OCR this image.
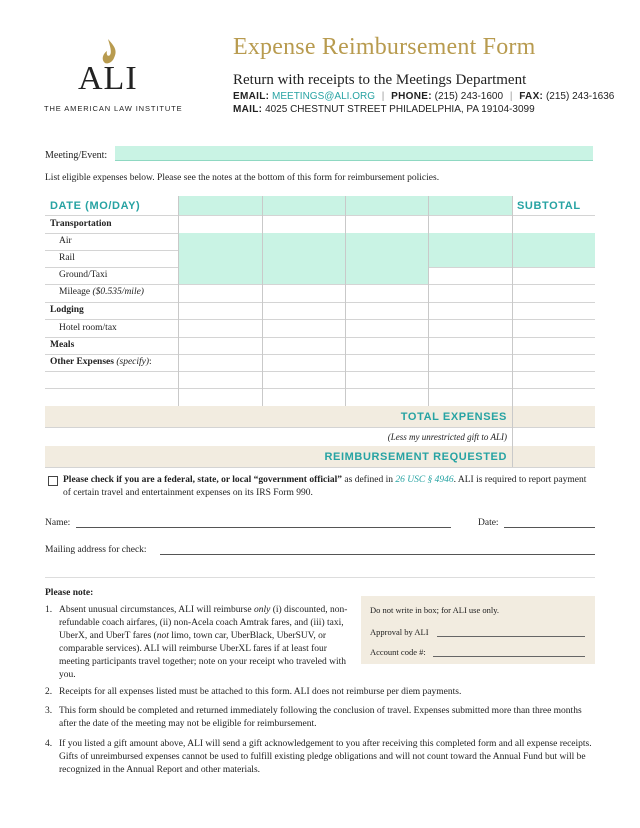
ALI
THE AMERICAN LAW INSTITUTE
Expense Reimbursement Form
Return with receipts to the Meetings Department
EMAIL: MEETINGS@ALI.ORG | PHONE: (215) 243-1600 | FAX: (215) 243-1636
MAIL: 4025 CHESTNUT STREET PHILADELPHIA, PA 19104-3099
Meeting/Event:
List eligible expenses below. Please see the notes at the bottom of this form for reimbursement policies.
DATE (MO/DAY)	SUBTOTAL
Transportation
Air
Rail
Ground/Taxi
Mileage ($0.535/mile)
Lodging
Hotel room/tax
Meals
Other Expenses (specify):
TOTAL EXPENSES
(Less my unrestricted gift to ALI)
REIMBURSEMENT REQUESTED
Please check if you are a federal, state, or local “government official” as defined in 26 USC § 4946. ALI is required to report payment of certain travel and entertainment expenses on its IRS Form 990.
Name:	Date:
Mailing address for check:
Please note:
1. Absent unusual circumstances, ALI will reimburse only (i) discounted, non-refundable coach airfares, (ii) non-Acela coach Amtrak fares, and (iii) taxi, UberX, and UberT fares (not limo, town car, UberBlack, UberSUV, or comparable services). ALI will reimburse UberXL fares if at least four meeting participants travel together; note on your receipt who traveled with you.
Do not write in box; for ALI use only.
Approval by ALI
Account code #:
2. Receipts for all expenses listed must be attached to this form. ALI does not reimburse per diem payments.
3. This form should be completed and returned immediately following the conclusion of travel. Expenses submitted more than three months after the date of the meeting may not be eligible for reimbursement.
4. If you listed a gift amount above, ALI will send a gift acknowledgement to you after receiving this completed form and all expense receipts. Gifts of unreimbursed expenses cannot be used to fulfill existing pledge obligations and will not count toward the Annual Fund but will be recognized in the Annual Report and other materials.
